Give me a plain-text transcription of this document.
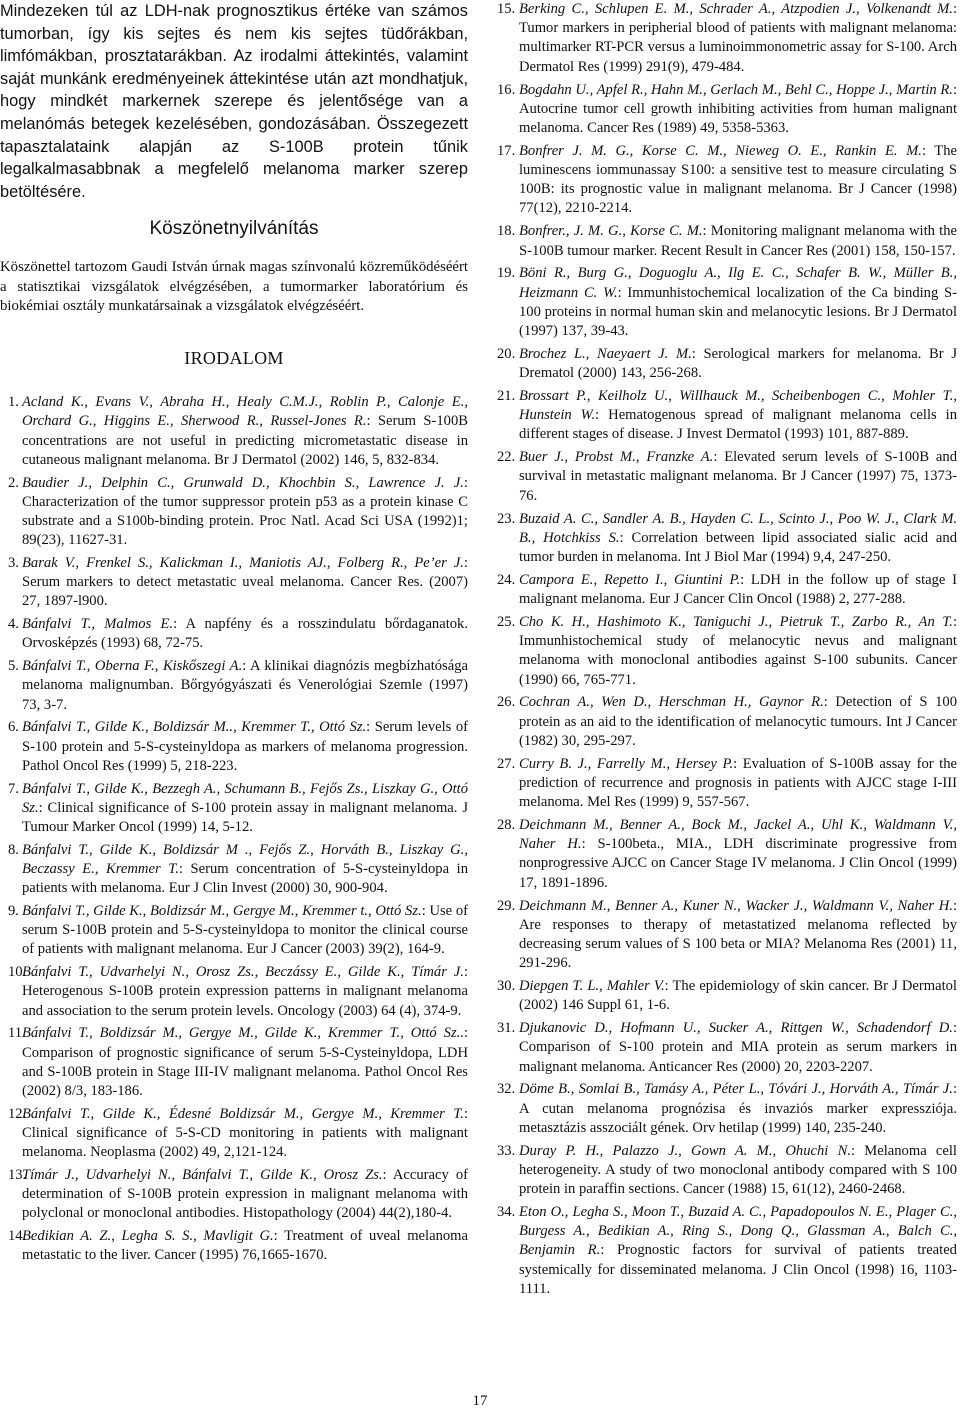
Mindezeken túl az LDH-nak prognosztikus értéke van számos tumorban, így kis sejtes és nem kis sejtes tüdőrákban, limfómákban, prosztatarákban. Az irodalmi áttekintés, valamint saját munkánk eredményeinek áttekintése után azt mondhatjuk, hogy mindkét markernek szerepe és jelentősége van a melanómás betegek kezelésében, gondozásában. Összegezett tapasztalataink alapján az S-100B protein tűnik legalkalmasabbnak a megfelelő melanoma marker szerep betöltésére.

Köszönetnyilvánítás

Köszönettel tartozom Gaudi István úrnak magas színvonalú közreműködéséért a statisztikai vizsgálatok elvégzésében, a tumormarker laboratórium és biokémiai osztály munkatársainak a vizsgálatok elvégzéséért.

IRODALOM
1. Acland K., Evans V., Abraha H., Healy C.M.J., Roblin P., Calonje E., Orchard G., Higgins E., Sherwood R., Russel-Jones R.: Serum S-100B concentrations are not useful in predicting micrometastatic disease in cutaneous malignant melanoma. Br J Dermatol (2002) 146, 5, 832-834.
2. Baudier J., Delphin C., Grunwald D., Khochbin S., Lawrence J. J.: Characterization of the tumor suppressor protein p53 as a protein kinase C substrate and a S100b-binding protein. Proc Natl. Acad Sci USA (1992)1; 89(23), 11627-31.
3. Barak V., Frenkel S., Kalickman I., Maniotis AJ., Folberg R., Pe’er J.: Serum markers to detect metastatic uveal melanoma. Cancer Res. (2007) 27, 1897-l900.
4. Bánfalvi T., Malmos E.: A napfény és a rosszindulatu bőrdaganatok. Orvosképzés (1993) 68, 72-75.
5. Bánfalvi T., Oberna F., Kiskőszegi A.: A klinikai diagnózis megbízhatósága melanoma malignumban. Bőrgyógyászati és Venerológiai Szemle (1997) 73, 3-7.
6. Bánfalvi T., Gilde K., Boldizsár M.., Kremmer T., Ottó Sz.: Serum levels of S-100 protein and 5-S-cysteinyldopa as markers of melanoma progression. Pathol Oncol Res (1999) 5, 218-223.
7. Bánfalvi T., Gilde K., Bezzegh A., Schumann B., Fejős Zs., Liszkay G., Ottó Sz.: Clinical significance of S-100 protein assay in malignant melanoma. J Tumour Marker Oncol (1999) 14, 5-12.
8. Bánfalvi T., Gilde K., Boldizsár M ., Fejős Z., Horváth B., Liszkay G., Beczassy E., Kremmer T.: Serum concentration of 5-S-cysteinyldopa in patients with melanoma. Eur J Clin Invest (2000) 30, 900-904.
9. Bánfalvi T., Gilde K., Boldizsár M., Gergye M., Kremmer t., Ottó Sz.: Use of serum S-100B protein and 5-S-cysteinyldopa to monitor the clinical course of patients with malignant melanoma. Eur J Cancer (2003) 39(2), 164-9.
10.
Bánfalvi T., Udvarhelyi N., Orosz Zs., Beczássy E., Gilde K., Tímár J.: Heterogenous S-100B protein expression patterns in malignant melanoma and association to the serum protein levels. Oncology (2003) 64 (4), 374-9.
11.
Bánfalvi T., Boldizsár M., Gergye M., Gilde K., Kremmer T., Ottó Sz..: Comparison of prognostic significance of serum 5-S-Cysteinyldopa, LDH and S-100B protein in Stage III-IV malignant melanoma. Pathol Oncol Res (2002) 8/3, 183-186.
12.
Bánfalvi T., Gilde K., Édesné Boldizsár M., Gergye M., Kremmer T.: Clinical significance of 5-S-CD monitoring in patients with malignant melanoma. Neoplasma (2002) 49, 2,121-124.
13.
Tímár J., Udvarhelyi N., Bánfalvi T., Gilde K., Orosz Zs.: Accuracy of determination of S-100B protein expression in malignant melanoma with polyclonal or monoclonal antibodies. Histopathology (2004) 44(2),180-4.
14.
Bedikian A. Z., Legha S. S., Mavligit G.: Treatment of uveal melanoma metastatic to the liver. Cancer (1995) 76,1665-1670.
15. Berking C., Schlupen E. M., Schrader A., Atzpodien J., Volkenandt M.: Tumor markers in peripherial blood of patients with malignant melanoma: multimarker RT-PCR versus a luminoimmonometric assay for S-100. Arch Dermatol Res (1999) 291(9), 479-484.
16. Bogdahn U., Apfel R., Hahn M., Gerlach M., Behl C., Hoppe J., Martin R.: Autocrine tumor cell growth inhibiting activities from human malignant melanoma. Cancer Res (1989) 49, 5358-5363.
17. Bonfrer J. M. G., Korse C. M., Nieweg O. E., Rankin E. M.: The luminescens iommunassay S100: a sensitive test to measure circulating S 100B: its prognostic value in malignant melanoma. Br J Cancer (1998) 77(12), 2210-2214.
18. Bonfrer., J. M. G., Korse C. M.: Monitoring malignant melanoma with the S-100B tumour marker. Recent Result in Cancer Res (2001) 158, 150-157.
19. Böni R., Burg G., Doguoglu A., Ilg E. C., Schafer B. W., Müller B., Heizmann C. W.: Immunhistochemical localization of the Ca binding S-100 proteins in normal human skin and melanocytic lesions. Br J Dermatol (1997) 137, 39-43.
20. Brochez L., Naeyaert J. M.: Serological markers for melanoma. Br J Drematol (2000) 143, 256-268.
21. Brossart P., Keilholz U., Willhauck M., Scheibenbogen C., Mohler T., Hunstein W.: Hematogenous spread of malignant melanoma cells in different stages of disease. J Invest Dermatol (1993) 101, 887-889.
22. Buer J., Probst M., Franzke A.: Elevated serum levels of S-100B and survival in metastatic malignant melanoma. Br J Cancer (1997) 75, 1373-76.
23. Buzaid A. C., Sandler A. B., Hayden C. L., Scinto J., Poo W. J., Clark M. B., Hotchkiss S.: Correlation between lipid associated sialic acid and tumor burden in melanoma. Int J Biol Mar (1994) 9,4, 247-250.
24. Campora E., Repetto I., Giuntini P.: LDH in the follow up of stage I malignant melanoma. Eur J Cancer Clin Oncol (1988) 2, 277-288.
25. Cho K. H., Hashimoto K., Taniguchi J., Pietruk T., Zarbo R., An T.: Immunhistochemical study of melanocytic nevus and malignant melanoma with monoclonal antibodies against S-100 subunits. Cancer (1990) 66, 765-771.
26. Cochran A., Wen D., Herschman H., Gaynor R.: Detection of S 100 protein as an aid to the identification of melanocytic tumours. Int J Cancer (1982) 30, 295-297.
27. Curry B. J., Farrelly M., Hersey P.: Evaluation of S-100B assay for the prediction of recurrence and prognosis in patients with AJCC stage I-III melanoma. Mel Res (1999) 9, 557-567.
28. Deichmann M., Benner A., Bock M., Jackel A., Uhl K., Waldmann V., Naher H.: S-100beta., MIA., LDH discriminate progressive from nonprogressive AJCC on Cancer Stage IV melanoma. J Clin Oncol (1999) 17, 1891-1896.
29. Deichmann M., Benner A., Kuner N., Wacker J., Waldmann V., Naher H.: Are responses to therapy of metastatized melanoma reflected by decreasing serum values of S 100 beta or MIA? Melanoma Res (2001) 11, 291-296.
30. Diepgen T. L., Mahler V.: The epidemiology of skin cancer. Br J Dermatol (2002) 146 Suppl 61, 1-6.
31. Djukanovic D., Hofmann U., Sucker A., Rittgen W., Schadendorf D.: Comparison of S-100 protein and MIA protein as serum markers in malignant melanoma. Anticancer Res (2000) 20, 2203-2207.
32. Döme B., Somlai B., Tamásy A., Péter L., Tóvári J., Horváth A., Tímár J.: A cutan melanoma prognózisa és invaziós marker expressziója. metasztázis asszociált gének. Orv hetilap (1999) 140, 235-240.
33. Duray P. H., Palazzo J., Gown A. M., Ohuchi N.: Melanoma cell heterogeneity. A study of two monoclonal antibody compared with S 100 protein in paraffin sections. Cancer (1988) 15, 61(12), 2460-2468.
34. Eton O., Legha S., Moon T., Buzaid A. C., Papadopoulos N. E., Plager C., Burgess A., Bedikian A., Ring S., Dong Q., Glassman A., Balch C., Benjamin R.: Prognostic factors for survival of patients treated systemically for disseminated melanoma. J Clin Oncol (1998) 16, 1103-1111.
17
